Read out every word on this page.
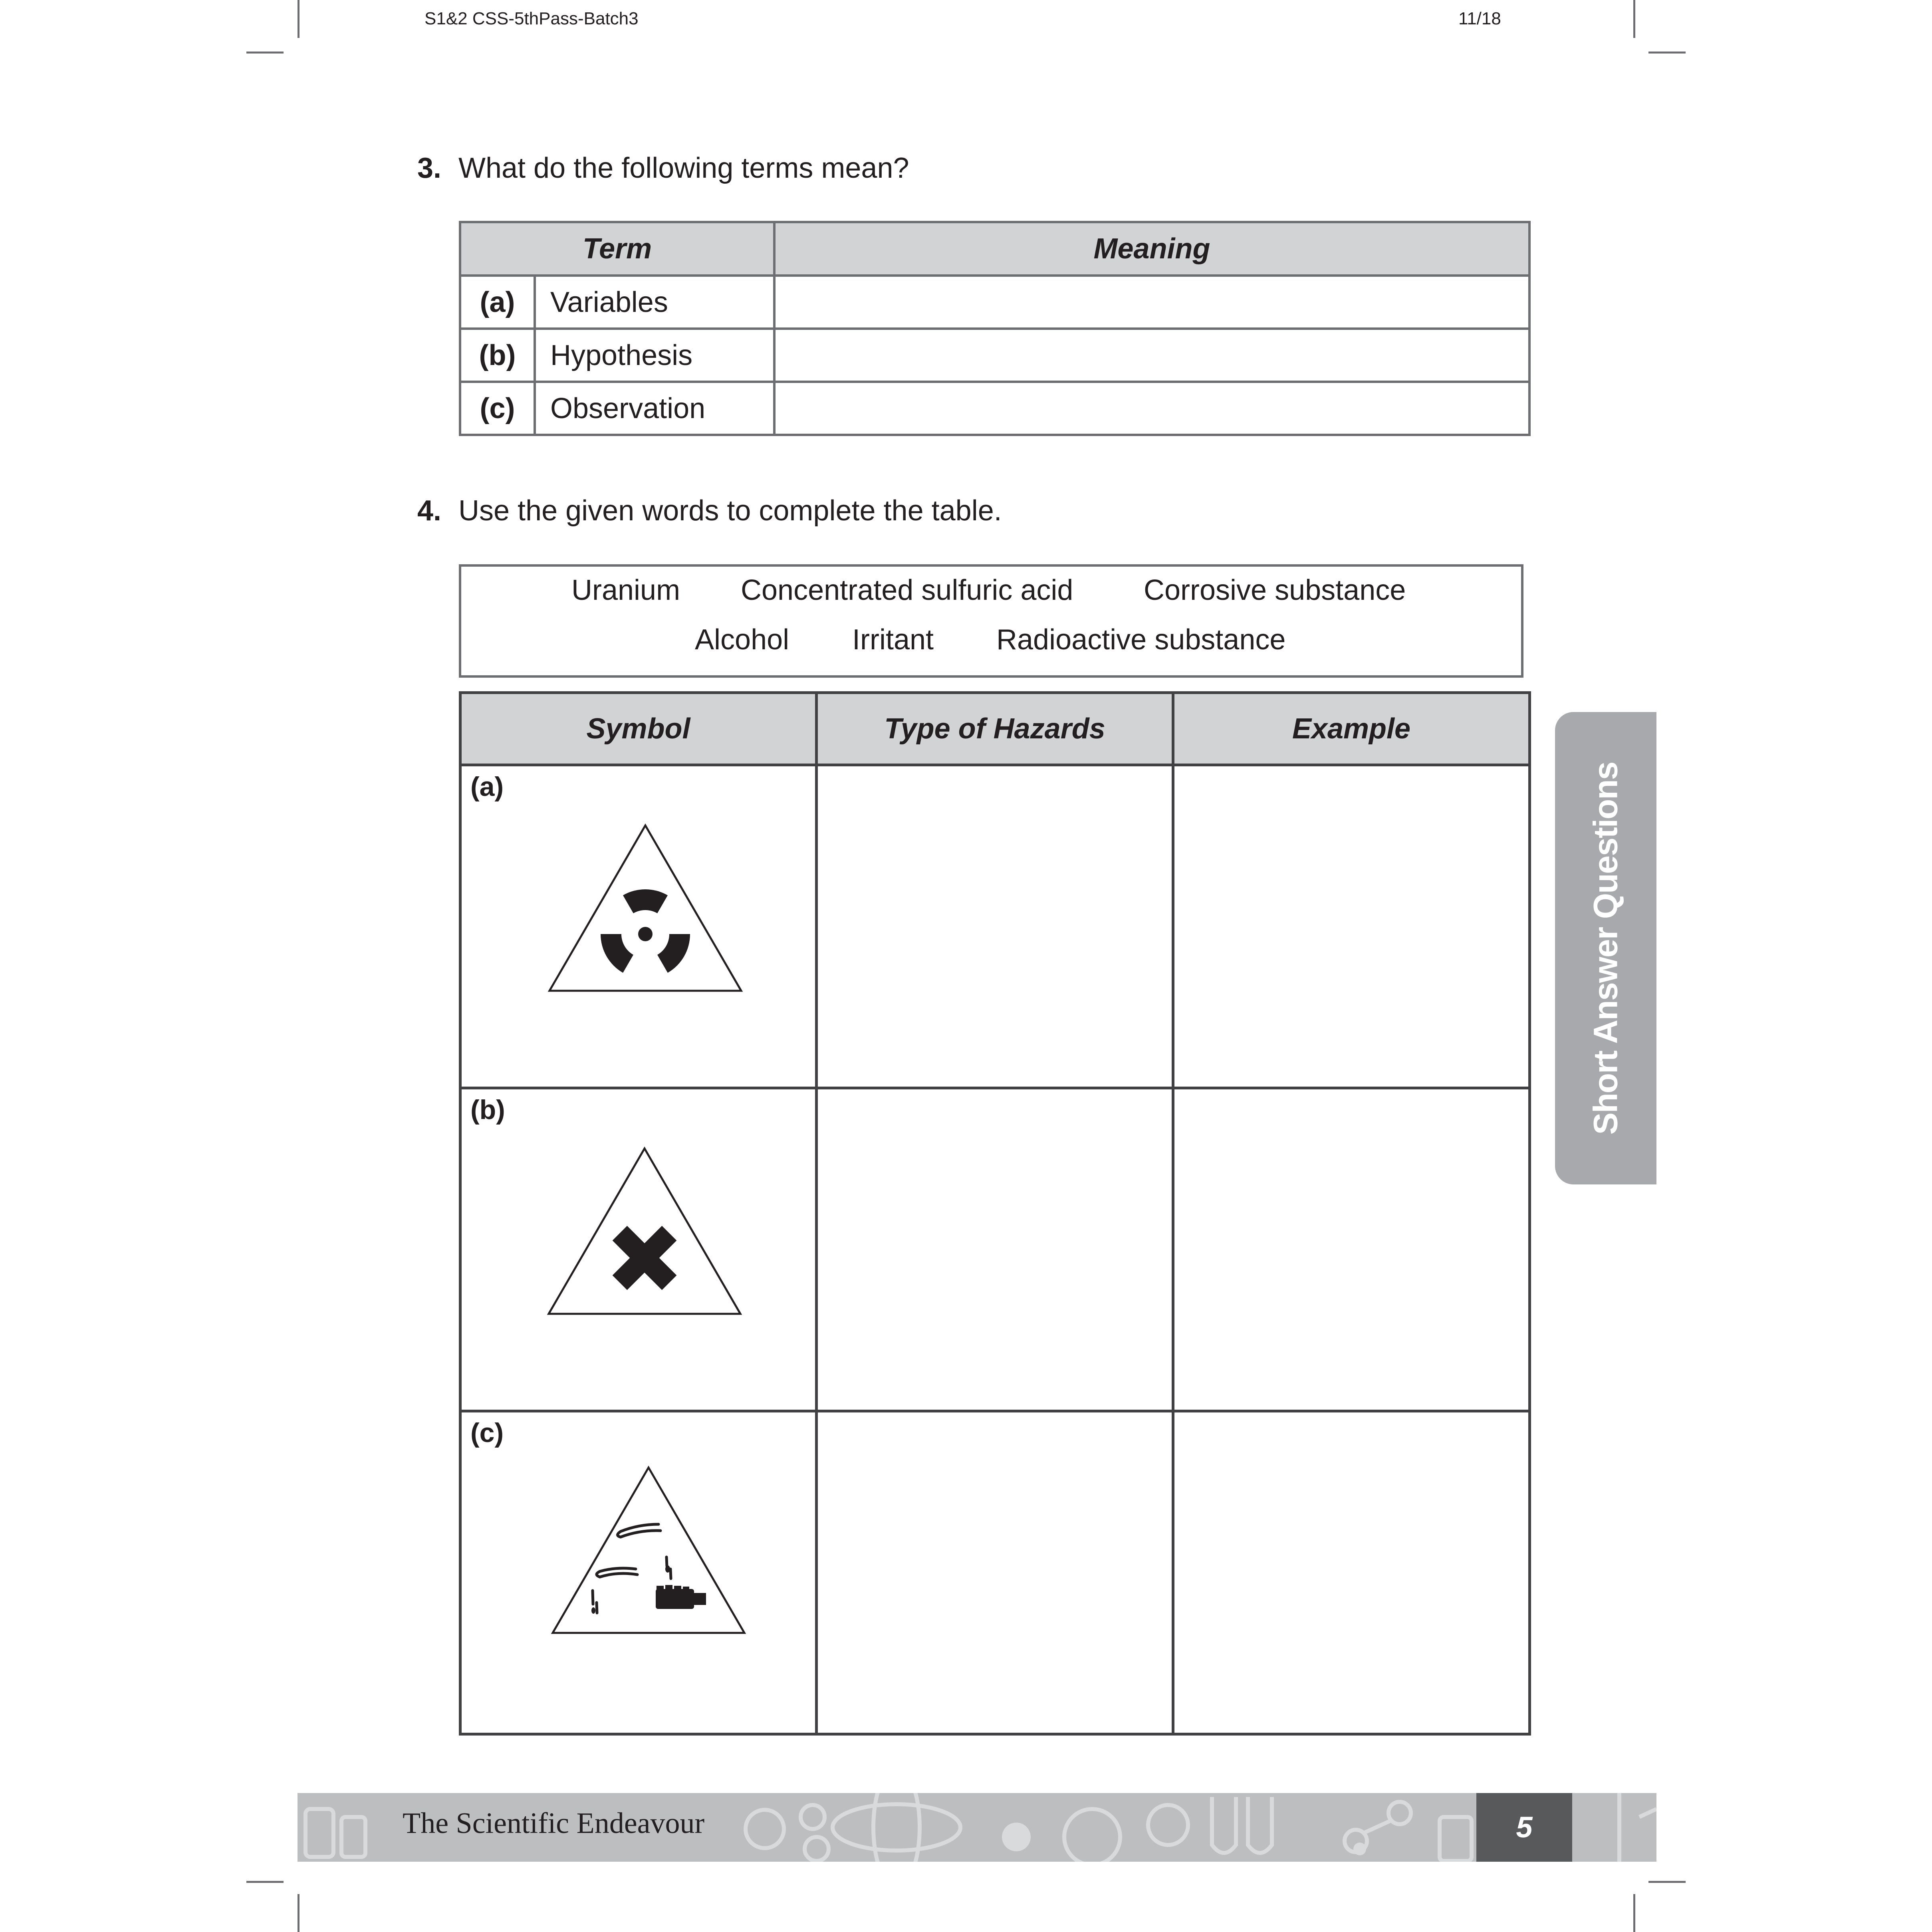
S1&2 CSS-5thPass-Batch3	11/18
3. What do the following terms mean?
Term		Meaning
(a)	Variables	
(b)	Hypothesis	
(c)	Observation	
4. Use the given words to complete the table.
Uranium Concentrated sulfuric acid Corrosive substance
Alcohol Irritant Radioactive substance
Symbol	Type of Hazards	Example

(a)		

(b)		

(c)		

Short Answer Questions
The Scientific Endeavour	5
